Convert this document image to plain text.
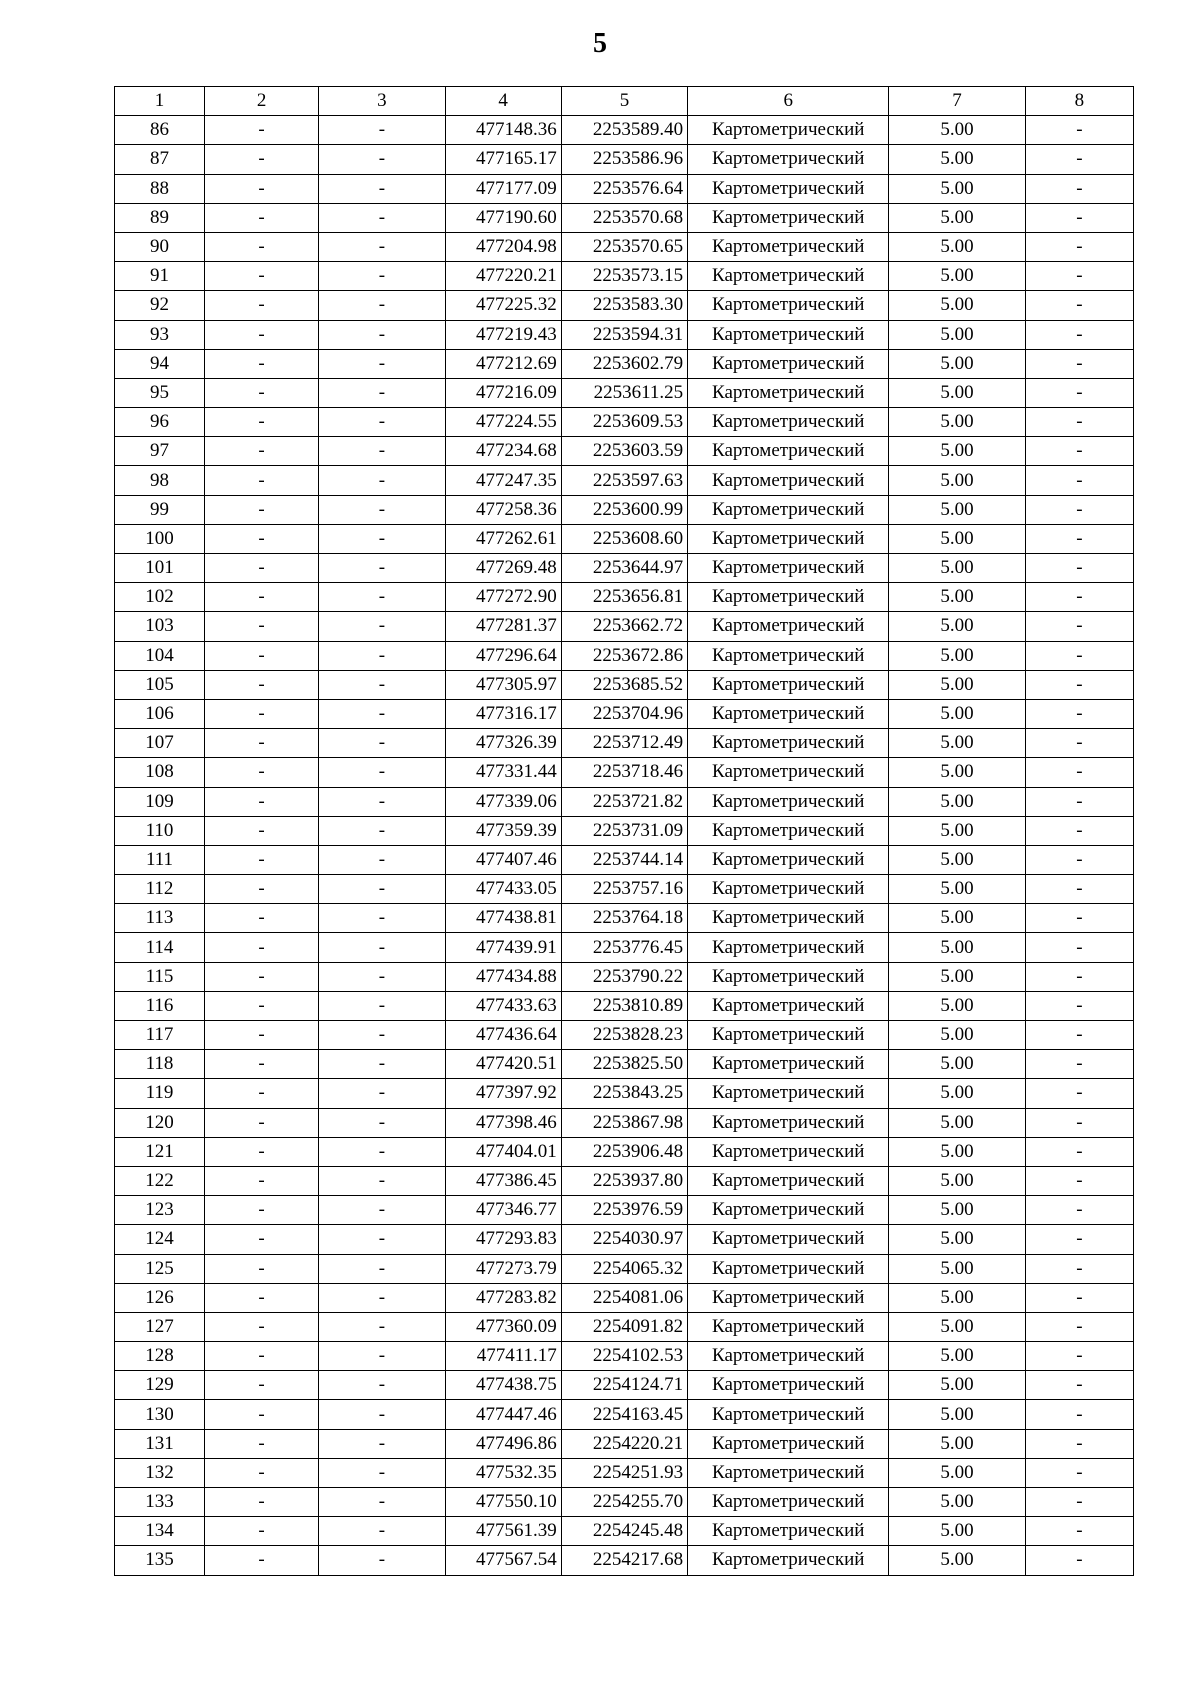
5
1	2	3	4	5	6	7	8
86	-	-	477148.36	2253589.40	Картометрический	5.00	-
87	-	-	477165.17	2253586.96	Картометрический	5.00	-
88	-	-	477177.09	2253576.64	Картометрический	5.00	-
89	-	-	477190.60	2253570.68	Картометрический	5.00	-
90	-	-	477204.98	2253570.65	Картометрический	5.00	-
91	-	-	477220.21	2253573.15	Картометрический	5.00	-
92	-	-	477225.32	2253583.30	Картометрический	5.00	-
93	-	-	477219.43	2253594.31	Картометрический	5.00	-
94	-	-	477212.69	2253602.79	Картометрический	5.00	-
95	-	-	477216.09	2253611.25	Картометрический	5.00	-
96	-	-	477224.55	2253609.53	Картометрический	5.00	-
97	-	-	477234.68	2253603.59	Картометрический	5.00	-
98	-	-	477247.35	2253597.63	Картометрический	5.00	-
99	-	-	477258.36	2253600.99	Картометрический	5.00	-
100	-	-	477262.61	2253608.60	Картометрический	5.00	-
101	-	-	477269.48	2253644.97	Картометрический	5.00	-
102	-	-	477272.90	2253656.81	Картометрический	5.00	-
103	-	-	477281.37	2253662.72	Картометрический	5.00	-
104	-	-	477296.64	2253672.86	Картометрический	5.00	-
105	-	-	477305.97	2253685.52	Картометрический	5.00	-
106	-	-	477316.17	2253704.96	Картометрический	5.00	-
107	-	-	477326.39	2253712.49	Картометрический	5.00	-
108	-	-	477331.44	2253718.46	Картометрический	5.00	-
109	-	-	477339.06	2253721.82	Картометрический	5.00	-
110	-	-	477359.39	2253731.09	Картометрический	5.00	-
111	-	-	477407.46	2253744.14	Картометрический	5.00	-
112	-	-	477433.05	2253757.16	Картометрический	5.00	-
113	-	-	477438.81	2253764.18	Картометрический	5.00	-
114	-	-	477439.91	2253776.45	Картометрический	5.00	-
115	-	-	477434.88	2253790.22	Картометрический	5.00	-
116	-	-	477433.63	2253810.89	Картометрический	5.00	-
117	-	-	477436.64	2253828.23	Картометрический	5.00	-
118	-	-	477420.51	2253825.50	Картометрический	5.00	-
119	-	-	477397.92	2253843.25	Картометрический	5.00	-
120	-	-	477398.46	2253867.98	Картометрический	5.00	-
121	-	-	477404.01	2253906.48	Картометрический	5.00	-
122	-	-	477386.45	2253937.80	Картометрический	5.00	-
123	-	-	477346.77	2253976.59	Картометрический	5.00	-
124	-	-	477293.83	2254030.97	Картометрический	5.00	-
125	-	-	477273.79	2254065.32	Картометрический	5.00	-
126	-	-	477283.82	2254081.06	Картометрический	5.00	-
127	-	-	477360.09	2254091.82	Картометрический	5.00	-
128	-	-	477411.17	2254102.53	Картометрический	5.00	-
129	-	-	477438.75	2254124.71	Картометрический	5.00	-
130	-	-	477447.46	2254163.45	Картометрический	5.00	-
131	-	-	477496.86	2254220.21	Картометрический	5.00	-
132	-	-	477532.35	2254251.93	Картометрический	5.00	-
133	-	-	477550.10	2254255.70	Картометрический	5.00	-
134	-	-	477561.39	2254245.48	Картометрический	5.00	-
135	-	-	477567.54	2254217.68	Картометрический	5.00	-
